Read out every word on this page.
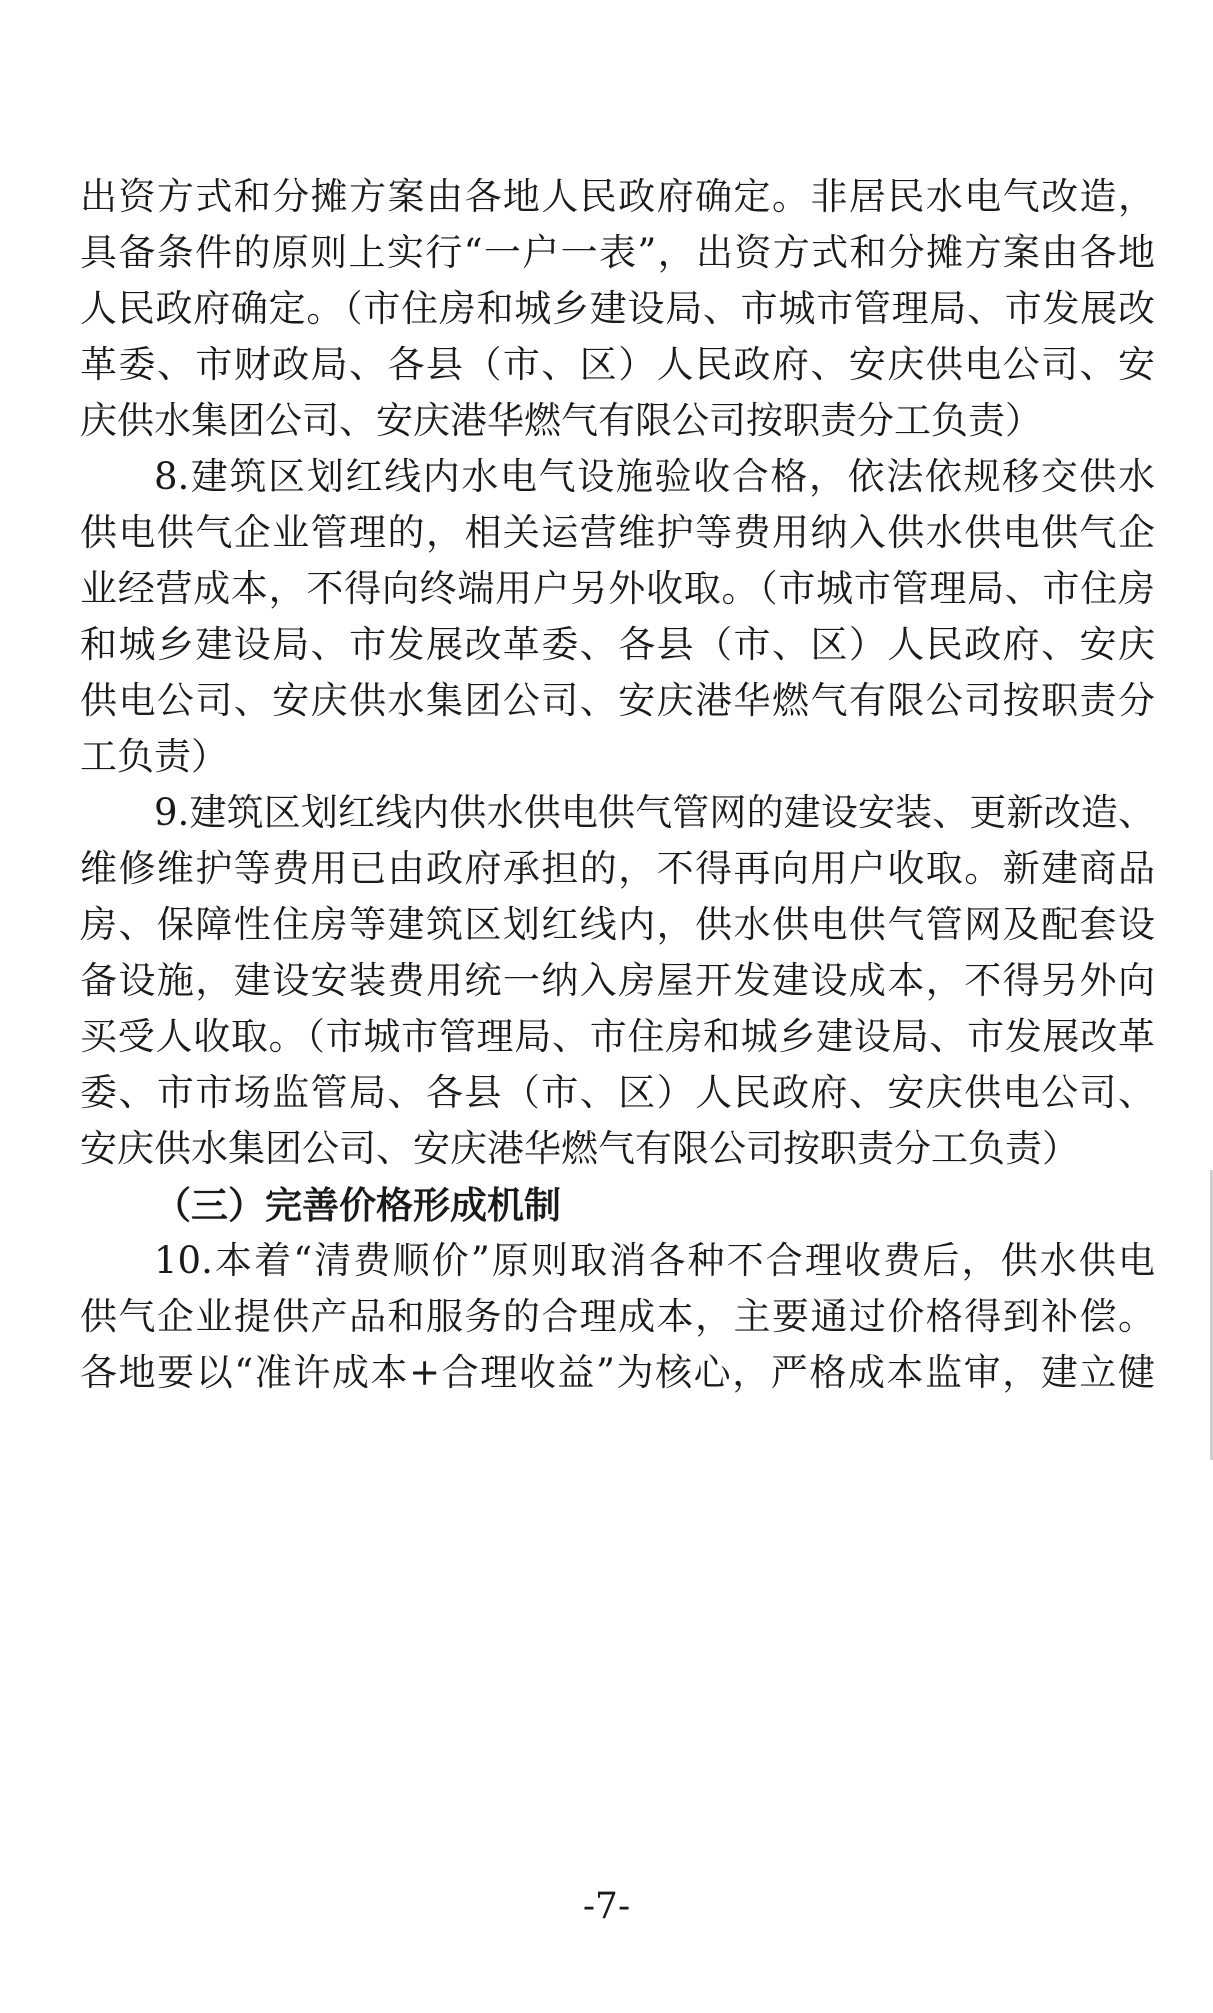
出资方式和分摊方案由各地人民政府确定。非居民水电气改造，
具备条件的原则上实行“一户一表”，出资方式和分摊方案由各地
人民政府确定。（市住房和城乡建设局、市城市管理局、市发展改
革委、市财政局、各县（市、区）人民政府、安庆供电公司、安
庆供水集团公司、安庆港华燃气有限公司按职责分工负责）
8.建筑区划红线内水电气设施验收合格，依法依规移交供水
供电供气企业管理的，相关运营维护等费用纳入供水供电供气企
业经营成本，不得向终端用户另外收取。（市城市管理局、市住房
和城乡建设局、市发展改革委、各县（市、区）人民政府、安庆
供电公司、安庆供水集团公司、安庆港华燃气有限公司按职责分
工负责）
9.建筑区划红线内供水供电供气管网的建设安装、更新改造、
维修维护等费用已由政府承担的，不得再向用户收取。新建商品
房、保障性住房等建筑区划红线内，供水供电供气管网及配套设
备设施，建设安装费用统一纳入房屋开发建设成本，不得另外向
买受人收取。（市城市管理局、市住房和城乡建设局、市发展改革
委、市市场监管局、各县（市、区）人民政府、安庆供电公司、
安庆供水集团公司、安庆港华燃气有限公司按职责分工负责）
（三）完善价格形成机制
10.本着“清费顺价”原则取消各种不合理收费后，供水供电
供气企业提供产品和服务的合理成本，主要通过价格得到补偿。
各地要以“准许成本+合理收益”为核心，严格成本监审，建立健
-7-
